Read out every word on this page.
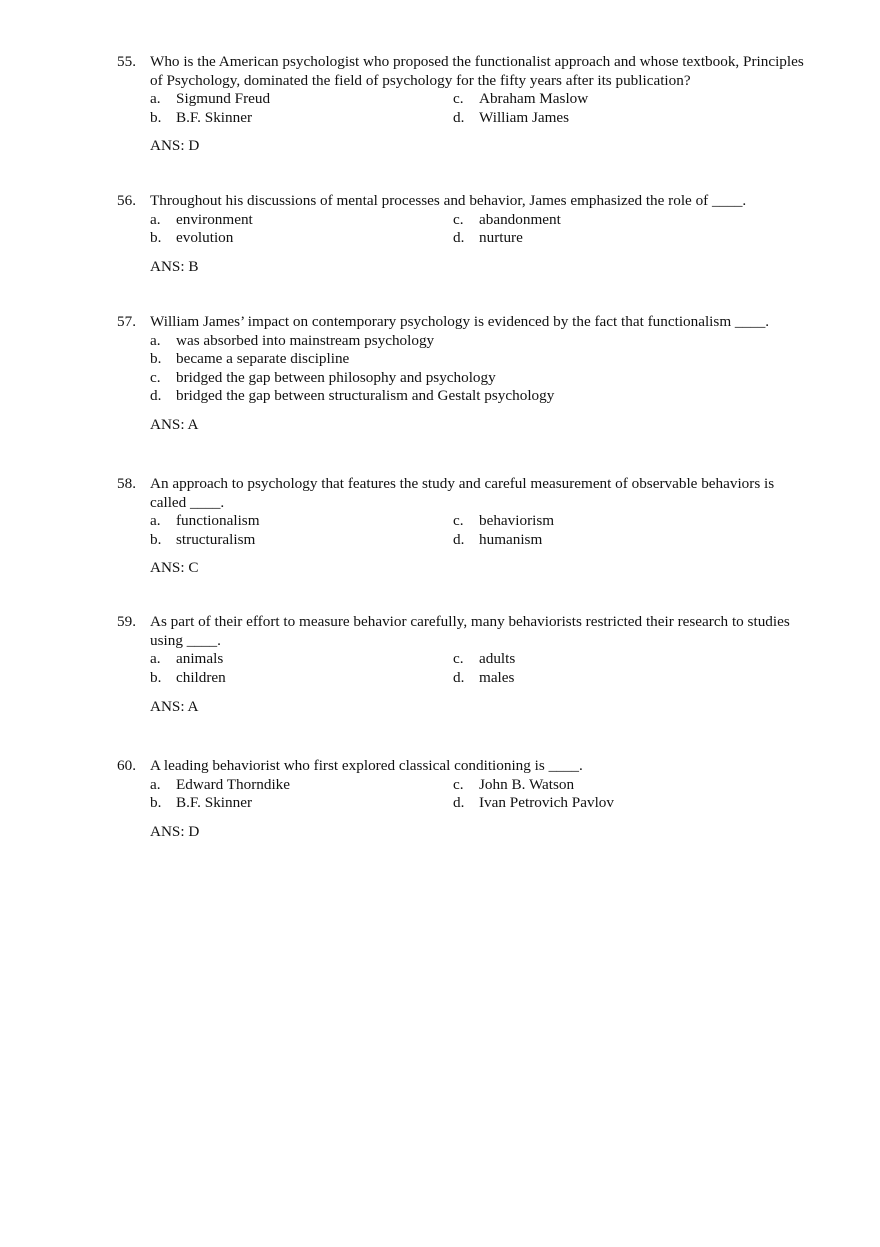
55. Who is the American psychologist who proposed the functionalist approach and whose textbook, Principles of Psychology, dominated the field of psychology for the fifty years after its publication?
a. Sigmund Freud
b. B.F. Skinner
c. Abraham Maslow
d. William James
ANS: D
56. Throughout his discussions of mental processes and behavior, James emphasized the role of ____.
a. environment
b. evolution
c. abandonment
d. nurture
ANS: B
57. William James’ impact on contemporary psychology is evidenced by the fact that functionalism ____.
a. was absorbed into mainstream psychology
b. became a separate discipline
c. bridged the gap between philosophy and psychology
d. bridged the gap between structuralism and Gestalt psychology
ANS: A
58. An approach to psychology that features the study and careful measurement of observable behaviors is called ____.
a. functionalism
b. structuralism
c. behaviorism
d. humanism
ANS: C
59. As part of their effort to measure behavior carefully, many behaviorists restricted their research to studies using ____.
a. animals
b. children
c. adults
d. males
ANS: A
60. A leading behaviorist who first explored classical conditioning is ____.
a. Edward Thorndike
b. B.F. Skinner
c. John B. Watson
d. Ivan Petrovich Pavlov
ANS: D
